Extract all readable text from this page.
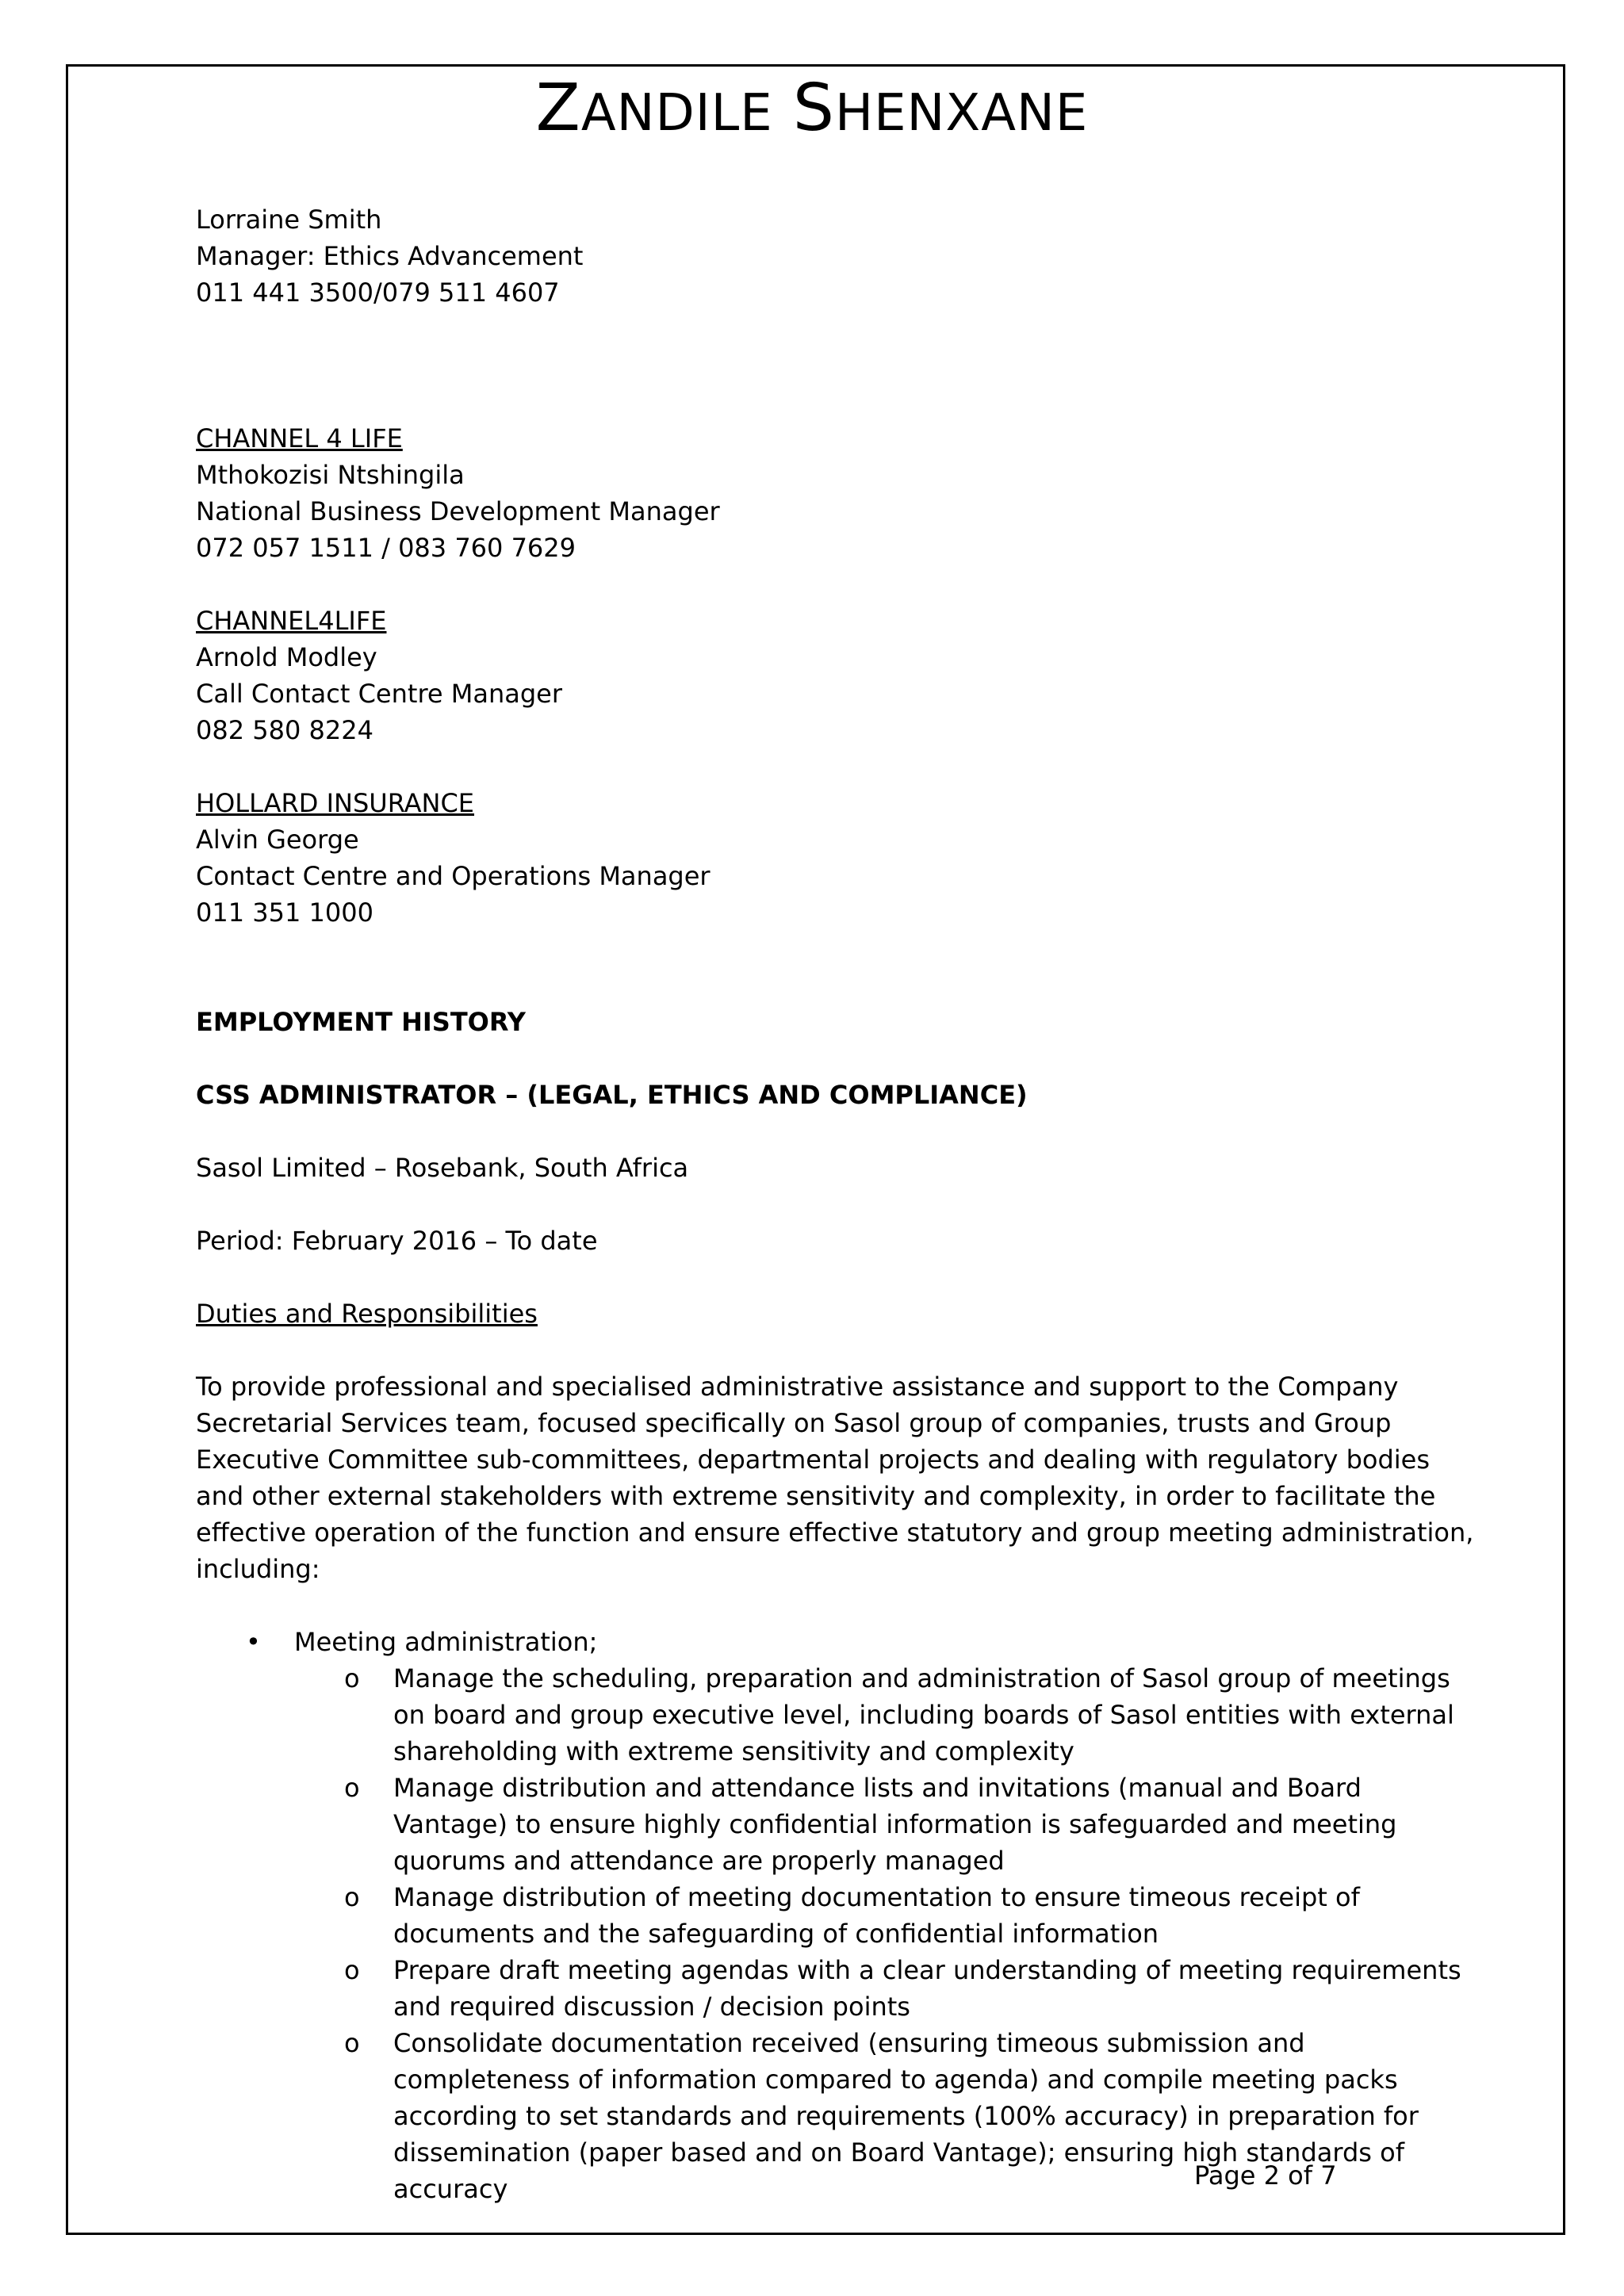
ZANDILE SHENXANE

Lorraine Smith

Manager: Ethics Advancement

011 441 3500/079 511 4607

CHANNEL 4 LIFE

Mthokozisi Ntshingila

National Business Development Manager

072 057 1511 / 083 760 7629

CHANNEL4LIFE

Arnold Modley

Call Contact Centre Manager

082 580 8224

HOLLARD INSURANCE

Alvin George

Contact Centre and Operations Manager

011 351 1000

EMPLOYMENT HISTORY

CSS ADMINISTRATOR – (LEGAL, ETHICS AND COMPLIANCE)

Sasol Limited – Rosebank, South Africa

Period: February 2016 – To date

Duties and Responsibilities

To provide professional and specialised administrative assistance and support to the Company Secretarial Services team, focused specifically on Sasol group of companies, trusts and Group Executive Committee sub-committees, departmental projects and dealing with regulatory bodies and other external stakeholders with extreme sensitivity and complexity, in order to facilitate the effective operation of the function and ensure effective statutory and group meeting administration, including:

• Meeting administration;
o Manage the scheduling, preparation and administration of Sasol group of meetings on board and group executive level, including boards of Sasol entities with external shareholding with extreme sensitivity and complexity
o Manage distribution and attendance lists and invitations (manual and Board Vantage) to ensure highly confidential information is safeguarded and meeting quorums and attendance are properly managed
o Manage distribution of meeting documentation to ensure timeous receipt of documents and the safeguarding of confidential information
o Prepare draft meeting agendas with a clear understanding of meeting requirements and required discussion / decision points
o Consolidate documentation received (ensuring timeous submission and completeness of information compared to agenda) and compile meeting packs according to set standards and requirements (100% accuracy) in preparation for dissemination (paper based and on Board Vantage); ensuring high standards of accuracy	Page 2 of 7
